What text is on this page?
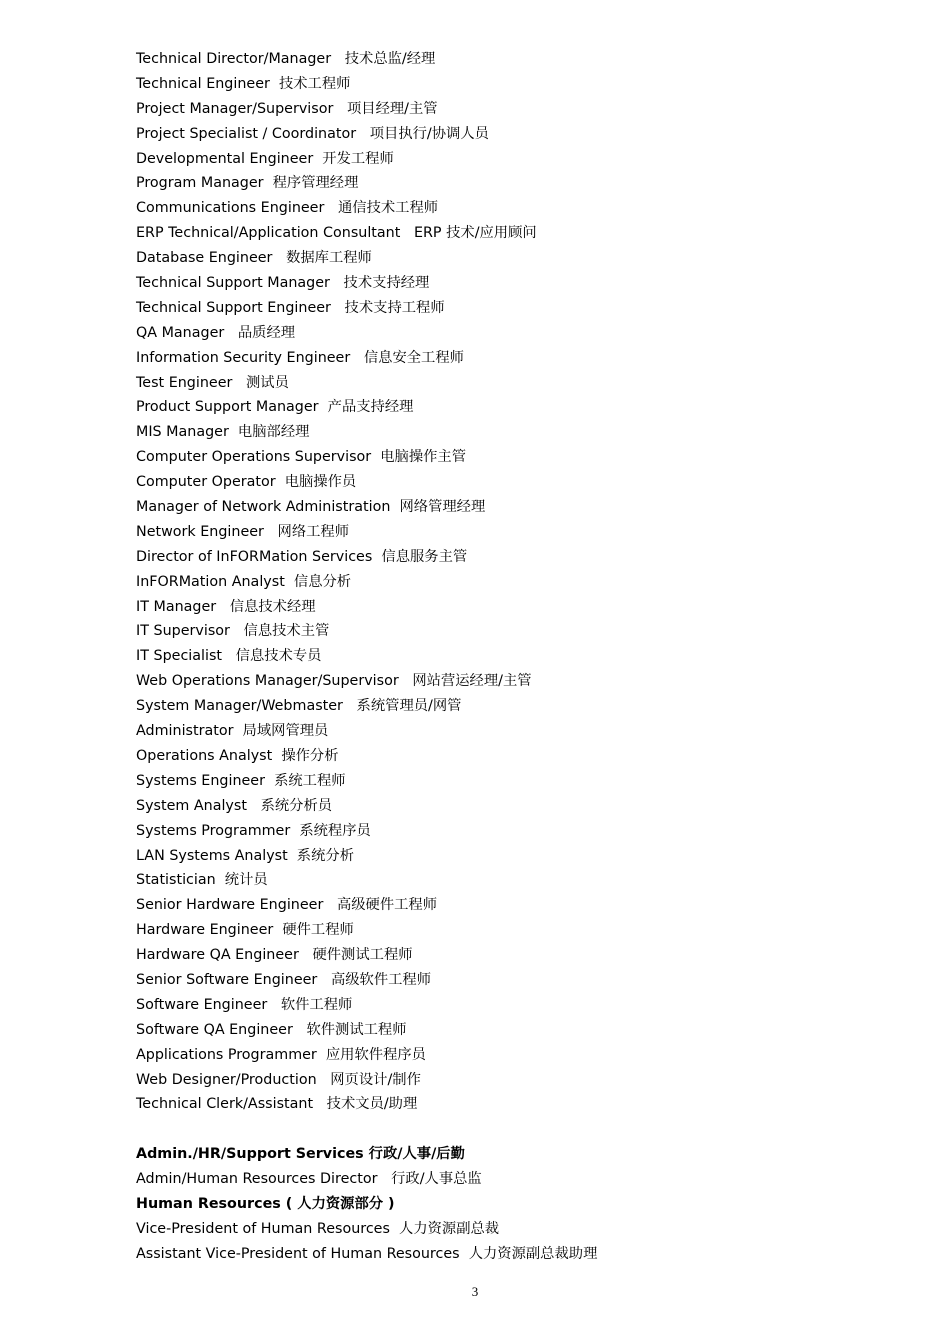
Technical Director/Manager   技术总监/经理
Technical Engineer  技术工程师
Project Manager/Supervisor   项目经理/主管
Project Specialist / Coordinator   项目执行/协调人员
Developmental Engineer  开发工程师
Program Manager  程序管理经理
Communications Engineer   通信技术工程师
ERP Technical/Application Consultant   ERP 技术/应用顾问
Database Engineer   数据库工程师
Technical Support Manager   技术支持经理
Technical Support Engineer   技术支持工程师
QA Manager   品质经理
Information Security Engineer   信息安全工程师
Test Engineer   测试员
Product Support Manager  产品支持经理
MIS Manager  电脑部经理
Computer Operations Supervisor  电脑操作主管
Computer Operator  电脑操作员
Manager of Network Administration  网络管理经理
Network Engineer   网络工程师
Director of InFORMation Services  信息服务主管
InFORMation Analyst  信息分析
IT Manager   信息技术经理
IT Supervisor   信息技术主管
IT Specialist   信息技术专员
Web Operations Manager/Supervisor   网站营运经理/主管
System Manager/Webmaster   系统管理员/网管
Administrator  局域网管理员
Operations Analyst  操作分析
Systems Engineer  系统工程师
System Analyst   系统分析员
Systems Programmer  系统程序员
LAN Systems Analyst  系统分析
Statistician  统计员
Senior Hardware Engineer   高级硬件工程师
Hardware Engineer  硬件工程师
Hardware QA Engineer   硬件测试工程师
Senior Software Engineer   高级软件工程师
Software Engineer   软件工程师
Software QA Engineer   软件测试工程师
Applications Programmer  应用软件程序员
Web Designer/Production   网页设计/制作
Technical Clerk/Assistant   技术文员/助理
Admin./HR/Support Services 行政/人事/后勤
Admin/Human Resources Director   行政/人事总监
Human Resources ( 人力资源部分 )
Vice-President of Human Resources  人力资源副总裁
Assistant Vice-President of Human Resources  人力资源副总裁助理
3
